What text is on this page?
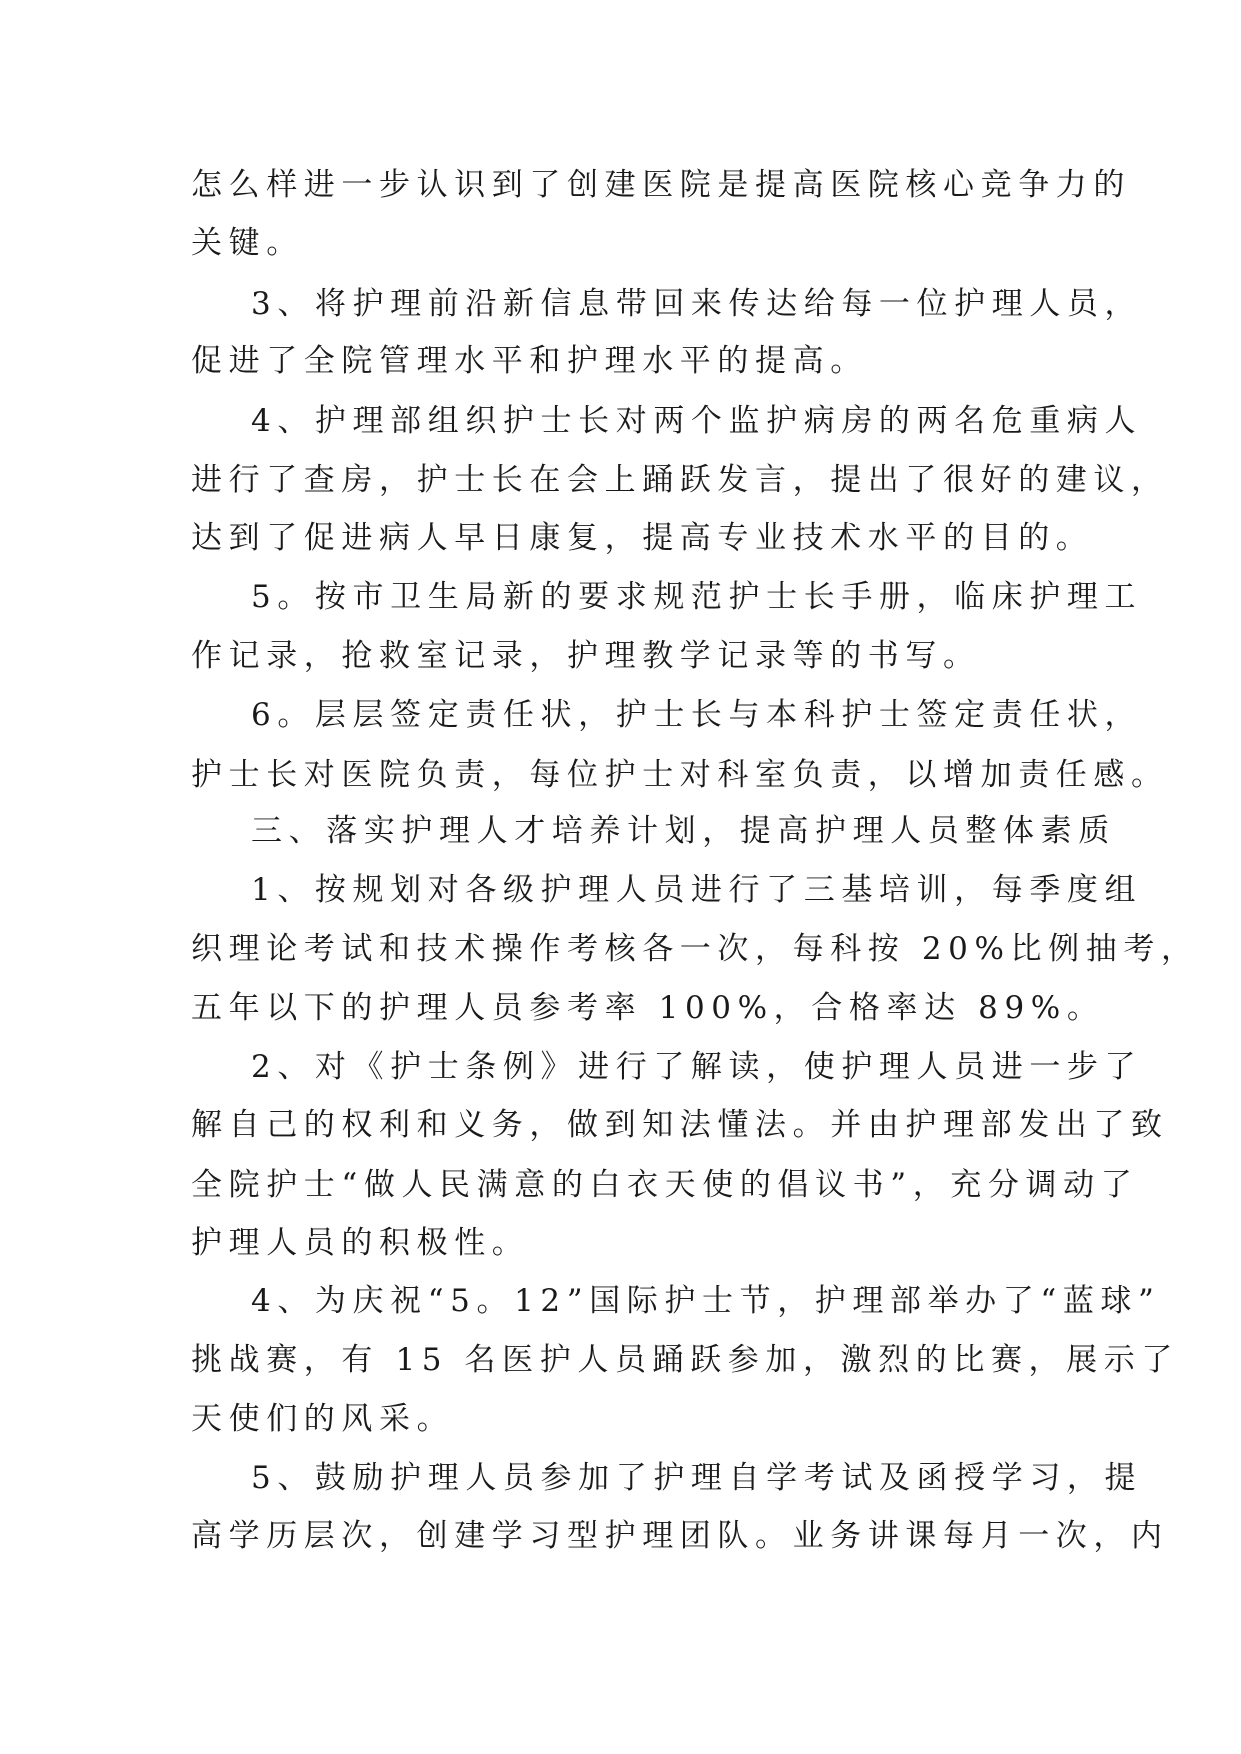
怎么样进一步认识到了创建医院是提高医院核心竞争力的
关键。
3、将护理前沿新信息带回来传达给每一位护理人员，
促进了全院管理水平和护理水平的提高。
4、护理部组织护士长对两个监护病房的两名危重病人
进行了查房，护士长在会上踊跃发言，提出了很好的建议，
达到了促进病人早日康复，提高专业技术水平的目的。
5。按市卫生局新的要求规范护士长手册，临床护理工
作记录，抢救室记录，护理教学记录等的书写。
6。层层签定责任状，护士长与本科护士签定责任状，
护士长对医院负责，每位护士对科室负责，以增加责任感。
三、落实护理人才培养计划，提高护理人员整体素质
1、按规划对各级护理人员进行了三基培训，每季度组
织理论考试和技术操作考核各一次，每科按 20%比例抽考，
五年以下的护理人员参考率 100%，合格率达 89%。
2、对《护士条例》进行了解读，使护理人员进一步了
解自己的权利和义务，做到知法懂法。并由护理部发出了致
全院护士“做人民满意的白衣天使的倡议书”，充分调动了
护理人员的积极性。
4、为庆祝“5。12”国际护士节，护理部举办了“蓝球”
挑战赛，有 15 名医护人员踊跃参加，激烈的比赛，展示了
天使们的风采。
5、鼓励护理人员参加了护理自学考试及函授学习，提
高学历层次，创建学习型护理团队。业务讲课每月一次，内
